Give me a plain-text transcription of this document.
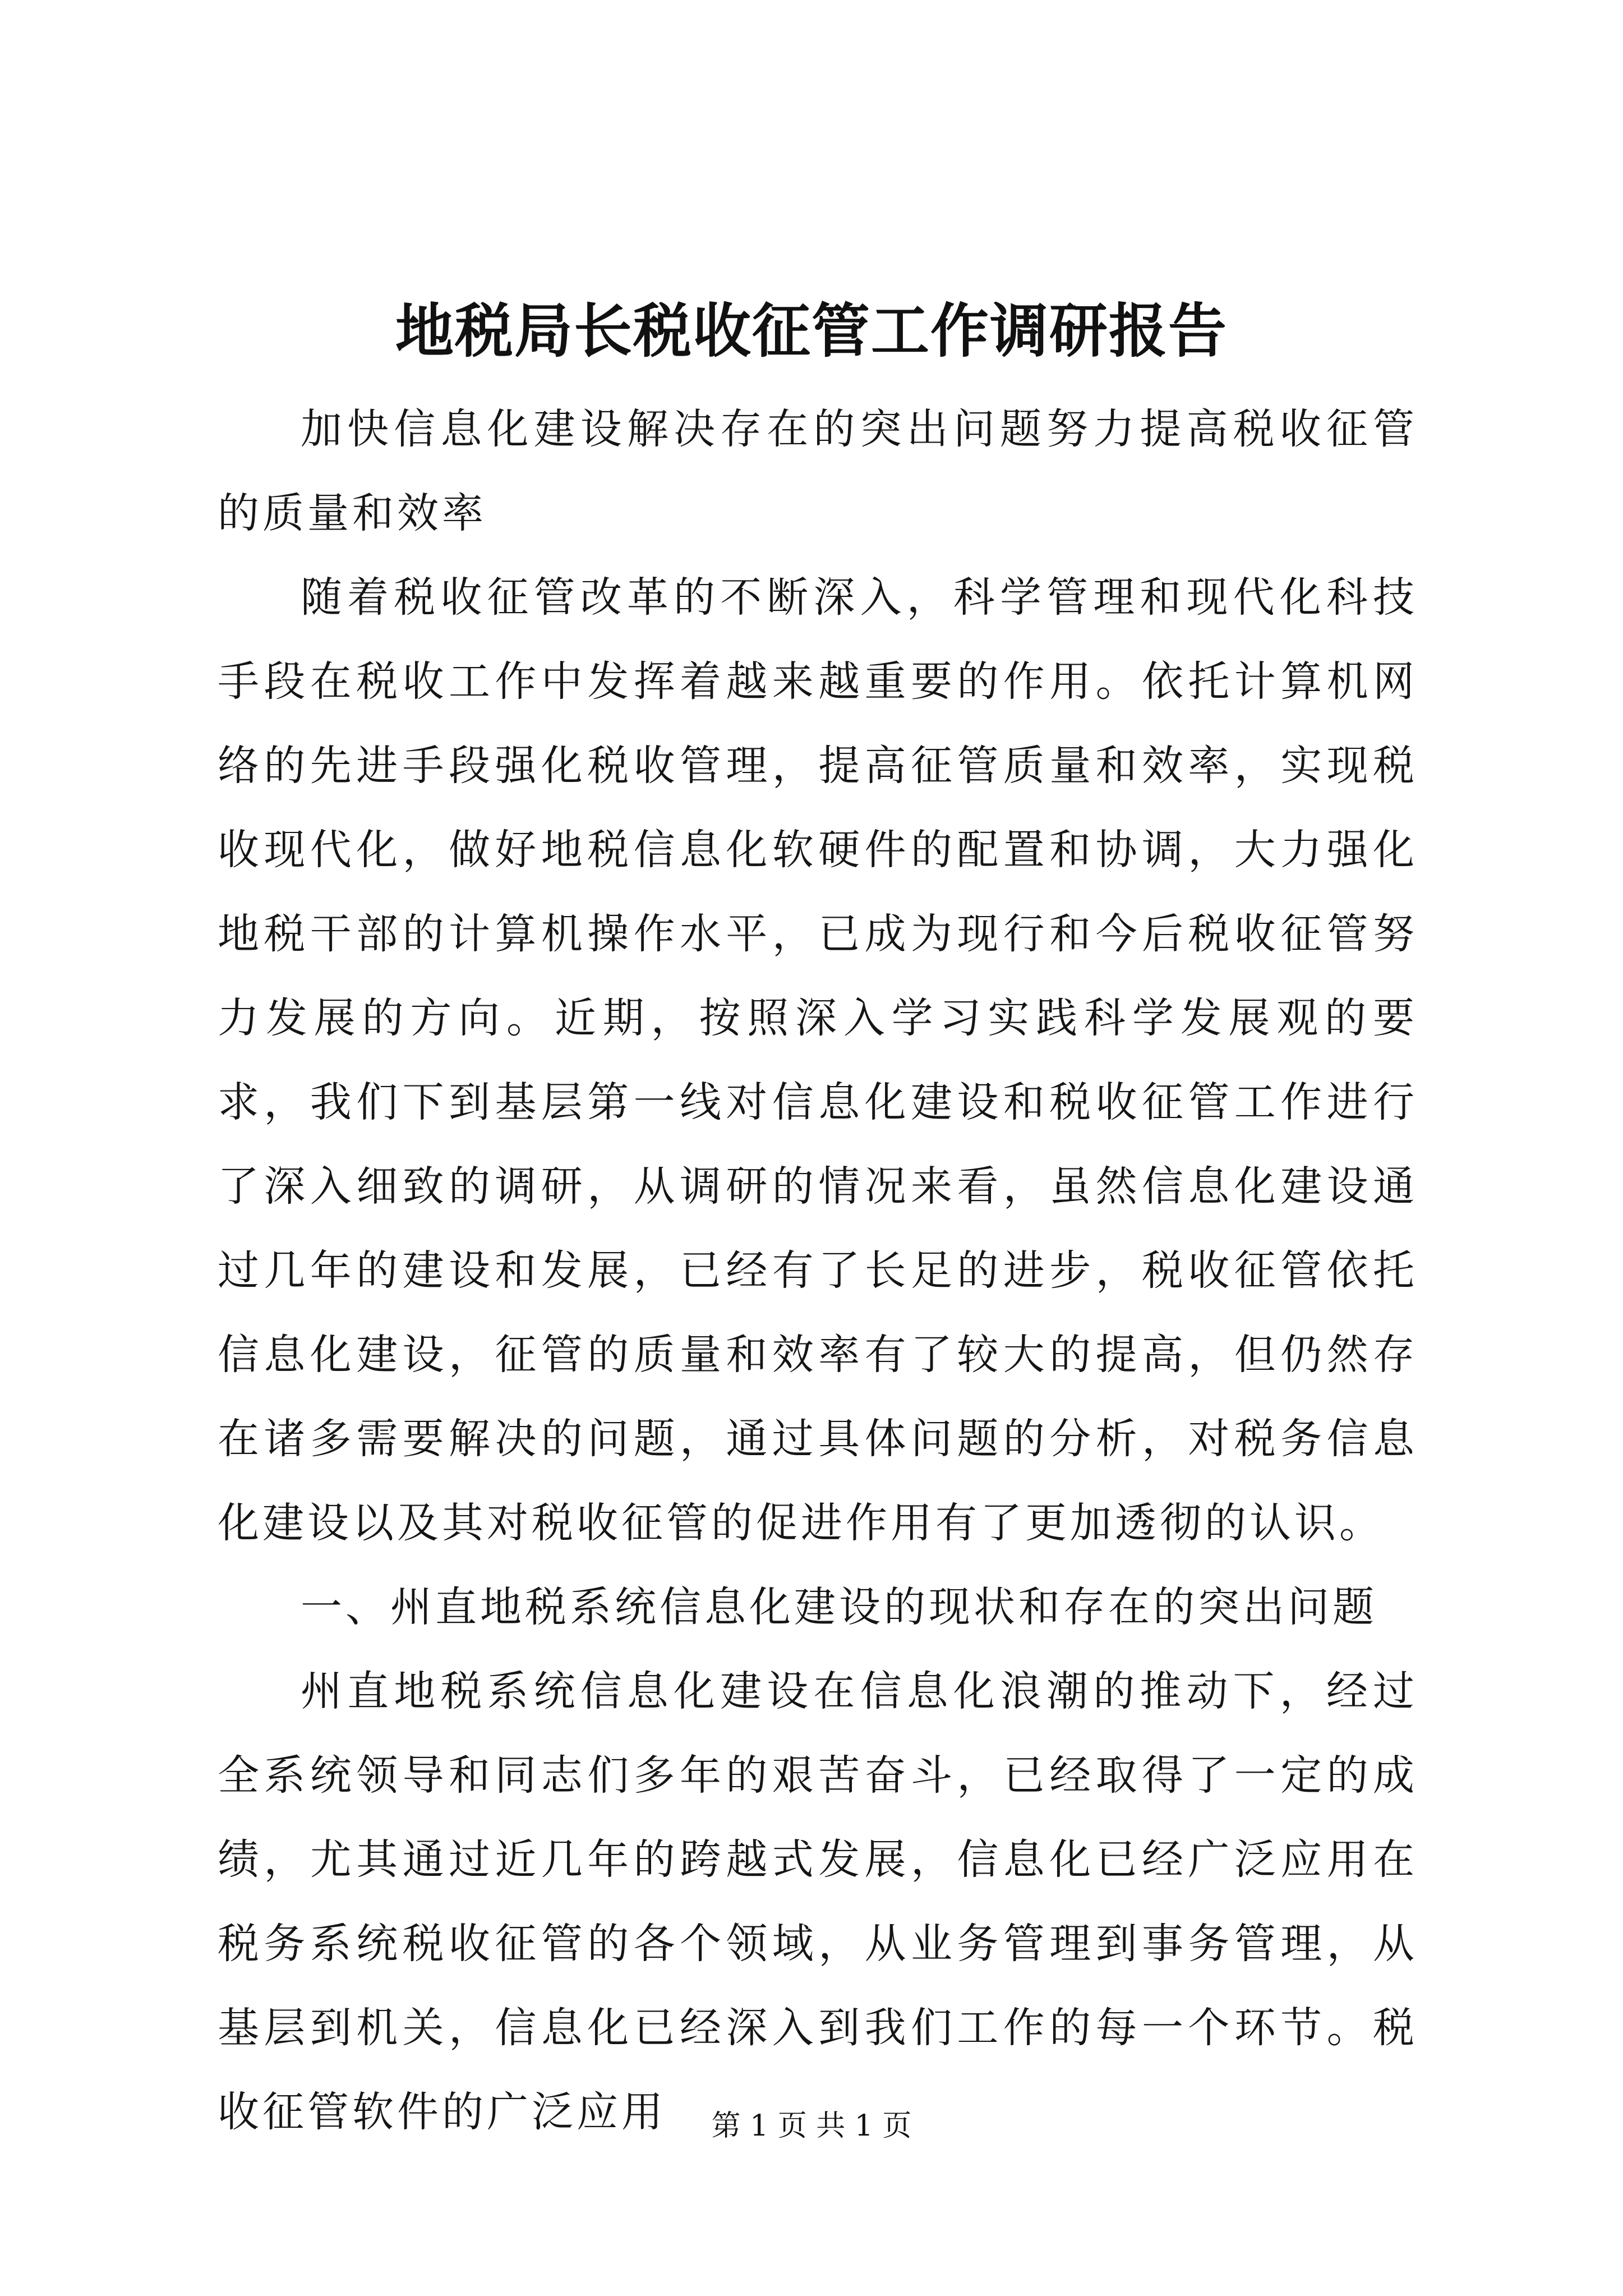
地税局长税收征管工作调研报告

加快信息化建设解决存在的突出问题努力提高税收征管的质量和效率

随着税收征管改革的不断深入，科学管理和现代化科技手段在税收工作中发挥着越来越重要的作用。依托计算机网络的先进手段强化税收管理，提高征管质量和效率，实现税收现代化，做好地税信息化软硬件的配置和协调，大力强化地税干部的计算机操作水平，已成为现行和今后税收征管努力发展的方向。近期，按照深入学习实践科学发展观的要求，我们下到基层第一线对信息化建设和税收征管工作进行了深入细致的调研，从调研的情况来看，虽然信息化建设通过几年的建设和发展，已经有了长足的进步，税收征管依托信息化建设，征管的质量和效率有了较大的提高，但仍然存在诸多需要解决的问题，通过具体问题的分析，对税务信息化建设以及其对税收征管的促进作用有了更加透彻的认识。

一、州直地税系统信息化建设的现状和存在的突出问题

州直地税系统信息化建设在信息化浪潮的推动下，经过全系统领导和同志们多年的艰苦奋斗，已经取得了一定的成绩，尤其通过近几年的跨越式发展，信息化已经广泛应用在税务系统税收征管的各个领域，从业务管理到事务管理，从基层到机关，信息化已经深入到我们工作的每一个环节。税收征管软件的广泛应用	第 1 页 共 1 页
